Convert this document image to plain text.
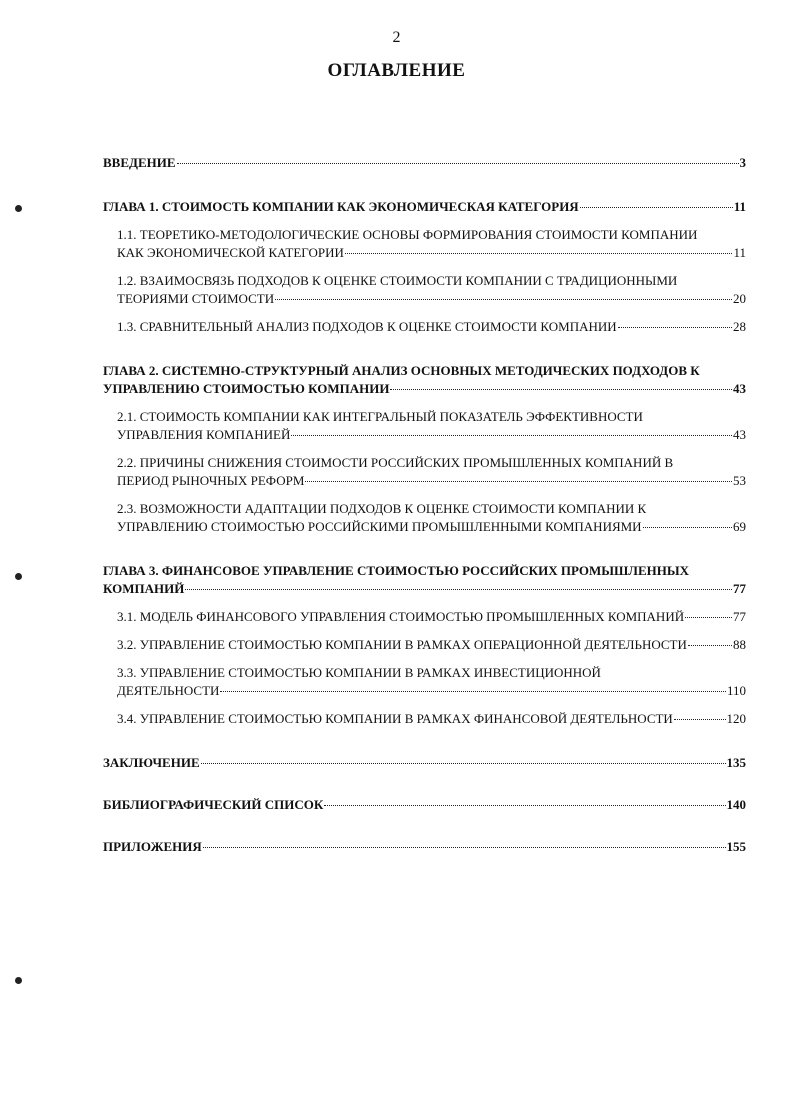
2
ОГЛАВЛЕНИЕ
ВВЕДЕНИЕ	3
ГЛАВА 1. СТОИМОСТЬ КОМПАНИИ КАК ЭКОНОМИЧЕСКАЯ КАТЕГОРИЯ	11
1.1. ТЕОРЕТИКО-МЕТОДОЛОГИЧЕСКИЕ ОСНОВЫ ФОРМИРОВАНИЯ СТОИМОСТИ КОМПАНИИ
КАК ЭКОНОМИЧЕСКОЙ КАТЕГОРИИ	11
1.2. ВЗАИМОСВЯЗЬ ПОДХОДОВ К ОЦЕНКЕ СТОИМОСТИ КОМПАНИИ С ТРАДИЦИОННЫМИ
ТЕОРИЯМИ СТОИМОСТИ	20
1.3. СРАВНИТЕЛЬНЫЙ АНАЛИЗ ПОДХОДОВ К ОЦЕНКЕ СТОИМОСТИ КОМПАНИИ	28
ГЛАВА 2. СИСТЕМНО-СТРУКТУРНЫЙ АНАЛИЗ ОСНОВНЫХ МЕТОДИЧЕСКИХ ПОДХОДОВ К
УПРАВЛЕНИЮ СТОИМОСТЬЮ КОМПАНИИ	43
2.1. СТОИМОСТЬ КОМПАНИИ КАК ИНТЕГРАЛЬНЫЙ ПОКАЗАТЕЛЬ ЭФФЕКТИВНОСТИ
УПРАВЛЕНИЯ КОМПАНИЕЙ	43
2.2. ПРИЧИНЫ СНИЖЕНИЯ СТОИМОСТИ РОССИЙСКИХ ПРОМЫШЛЕННЫХ КОМПАНИЙ В
ПЕРИОД РЫНОЧНЫХ РЕФОРМ	53
2.3. ВОЗМОЖНОСТИ АДАПТАЦИИ ПОДХОДОВ К ОЦЕНКЕ СТОИМОСТИ КОМПАНИИ К
УПРАВЛЕНИЮ СТОИМОСТЬЮ РОССИЙСКИМИ ПРОМЫШЛЕННЫМИ КОМПАНИЯМИ	69
ГЛАВА 3. ФИНАНСОВОЕ УПРАВЛЕНИЕ СТОИМОСТЬЮ РОССИЙСКИХ ПРОМЫШЛЕННЫХ
КОМПАНИЙ	77
3.1. МОДЕЛЬ ФИНАНСОВОГО УПРАВЛЕНИЯ СТОИМОСТЬЮ ПРОМЫШЛЕННЫХ КОМПАНИЙ	77
3.2. УПРАВЛЕНИЕ СТОИМОСТЬЮ КОМПАНИИ В РАМКАХ ОПЕРАЦИОННОЙ ДЕЯТЕЛЬНОСТИ	88
3.3. УПРАВЛЕНИЕ СТОИМОСТЬЮ КОМПАНИИ В РАМКАХ ИНВЕСТИЦИОННОЙ
ДЕЯТЕЛЬНОСТИ	110
3.4. УПРАВЛЕНИЕ СТОИМОСТЬЮ КОМПАНИИ В РАМКАХ ФИНАНСОВОЙ ДЕЯТЕЛЬНОСТИ	120
ЗАКЛЮЧЕНИЕ	135
БИБЛИОГРАФИЧЕСКИЙ СПИСОК	140
ПРИЛОЖЕНИЯ	155
